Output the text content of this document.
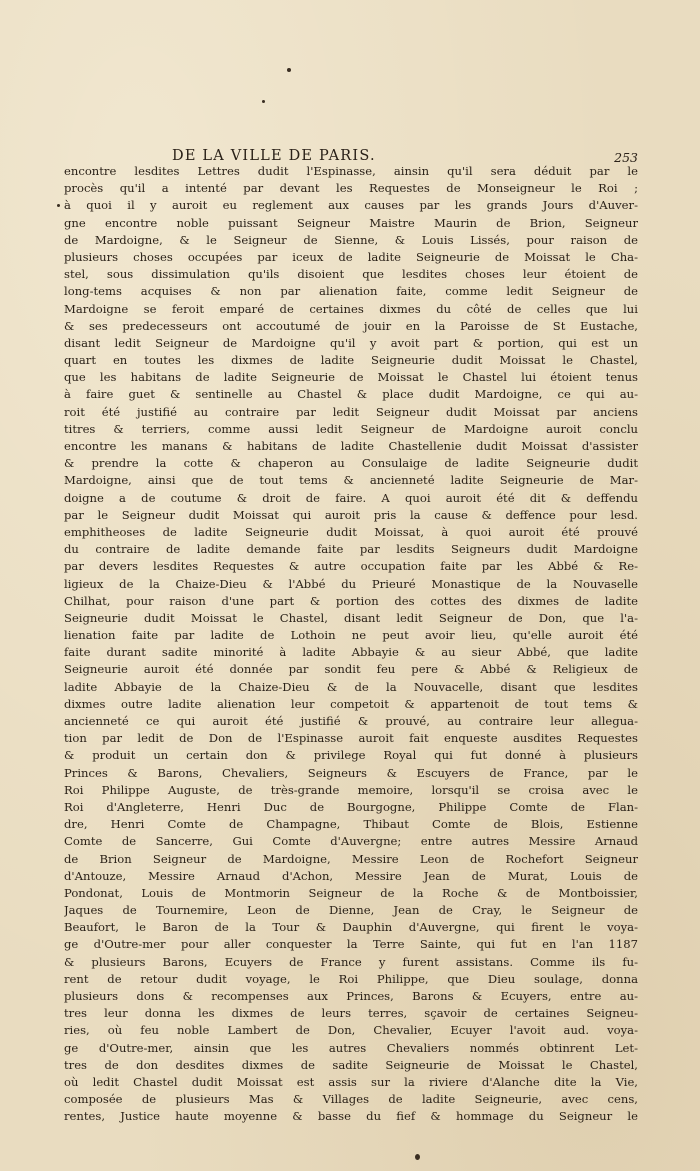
DE LA VILLE DE PARIS.	253
encontre lesdites Lettres dudit l'Espinasse, ainsin qu'il sera déduit par le
procès qu'il a intenté par devant les Requestes de Monseigneur le Roi ;
à quoi il y auroit eu reglement aux causes par les grands Jours d'Auver-
gne encontre noble puissant Seigneur Maistre Maurin de Brion, Seigneur
de Mardoigne, & le Seigneur de Sienne, & Louis Lissés, pour raison de
plusieurs choses occupées par iceux de ladite Seigneurie de Moissat le Cha-
stel, sous dissimulation qu'ils disoient que lesdites choses leur étoient de
long-tems acquises & non par alienation faite, comme ledit Seigneur de
Mardoigne se feroit emparé de certaines dixmes du côté de celles que lui
& ses predecesseurs ont accoutumé de jouir en la Paroisse de St Eustache,
disant ledit Seigneur de Mardoigne qu'il y avoit part & portion, qui est un
quart en toutes les dixmes de ladite Seigneurie dudit Moissat le Chastel,
que les habitans de ladite Seigneurie de Moissat le Chastel lui étoient tenus
à faire guet & sentinelle au Chastel & place dudit Mardoigne, ce qui au-
roit été justifié au contraire par ledit Seigneur dudit Moissat par anciens
titres & terriers, comme aussi ledit Seigneur de Mardoigne auroit conclu
encontre les manans & habitans de ladite Chastellenie dudit Moissat d'assister
& prendre la cotte & chaperon au Consulaige de ladite Seigneurie dudit
Mardoigne, ainsi que de tout tems & ancienneté ladite Seigneurie de Mar-
doigne a de coutume & droit de faire. A quoi auroit été dit & deffendu
par le Seigneur dudit Moissat qui auroit pris la cause & deffence pour lesd.
emphitheoses de ladite Seigneurie dudit Moissat, à quoi auroit été prouvé
du contraire de ladite demande faite par lesdits Seigneurs dudit Mardoigne
par devers lesdites Requestes & autre occupation faite par les Abbé & Re-
ligieux de la Chaize-Dieu & l'Abbé du Prieuré Monastique de la Nouvaselle
Chilhat, pour raison d'une part & portion des cottes des dixmes de ladite
Seigneurie dudit Moissat le Chastel, disant ledit Seigneur de Don, que l'a-
lienation faite par ladite de Lothoin ne peut avoir lieu, qu'elle auroit été
faite durant sadite minorité à ladite Abbayie & au sieur Abbé, que ladite
Seigneurie auroit été donnée par sondit feu pere & Abbé & Religieux de
ladite Abbayie de la Chaize-Dieu & de la Nouvacelle, disant que lesdites
dixmes outre ladite alienation leur competoit & appartenoit de tout tems &
ancienneté ce qui auroit été justifié & prouvé, au contraire leur allegua-
tion par ledit de Don de l'Espinasse auroit fait enqueste ausdites Requestes
& produit un certain don & privilege Royal qui fut donné à plusieurs
Princes & Barons, Chevaliers, Seigneurs & Escuyers de France, par le
Roi Philippe Auguste, de très-grande memoire, lorsqu'il se croisa avec le
Roi d'Angleterre, Henri Duc de Bourgogne, Philippe Comte de Flan-
dre, Henri Comte de Champagne, Thibaut Comte de Blois, Estienne
Comte de Sancerre, Gui Comte d'Auvergne; entre autres Messire Arnaud
de Brion Seigneur de Mardoigne, Messire Leon de Rochefort Seigneur
d'Antouze, Messire Arnaud d'Achon, Messire Jean de Murat, Louis de
Pondonat, Louis de Montmorin Seigneur de la Roche & de Montboissier,
Jaques de Tournemire, Leon de Dienne, Jean de Cray, le Seigneur de
Beaufort, le Baron de la Tour & Dauphin d'Auvergne, qui firent le voya-
ge d'Outre-mer pour aller conquester la Terre Sainte, qui fut en l'an 1187
& plusieurs Barons, Ecuyers de France y furent assistans. Comme ils fu-
rent de retour dudit voyage, le Roi Philippe, que Dieu soulage, donna
plusieurs dons & recompenses aux Princes, Barons & Ecuyers, entre au-
tres leur donna les dixmes de leurs terres, sçavoir de certaines Seigneu-
ries, où feu noble Lambert de Don, Chevalier, Ecuyer l'avoit aud. voya-
ge d'Outre-mer, ainsin que les autres Chevaliers nommés obtinrent Let-
tres de don desdites dixmes de sadite Seigneurie de Moissat le Chastel,
où ledit Chastel dudit Moissat est assis sur la riviere d'Alanche dite la Vie,
composée de plusieurs Mas & Villages de ladite Seigneurie, avec cens,
rentes, Justice haute moyenne & basse du fief & hommage du Seigneur le
